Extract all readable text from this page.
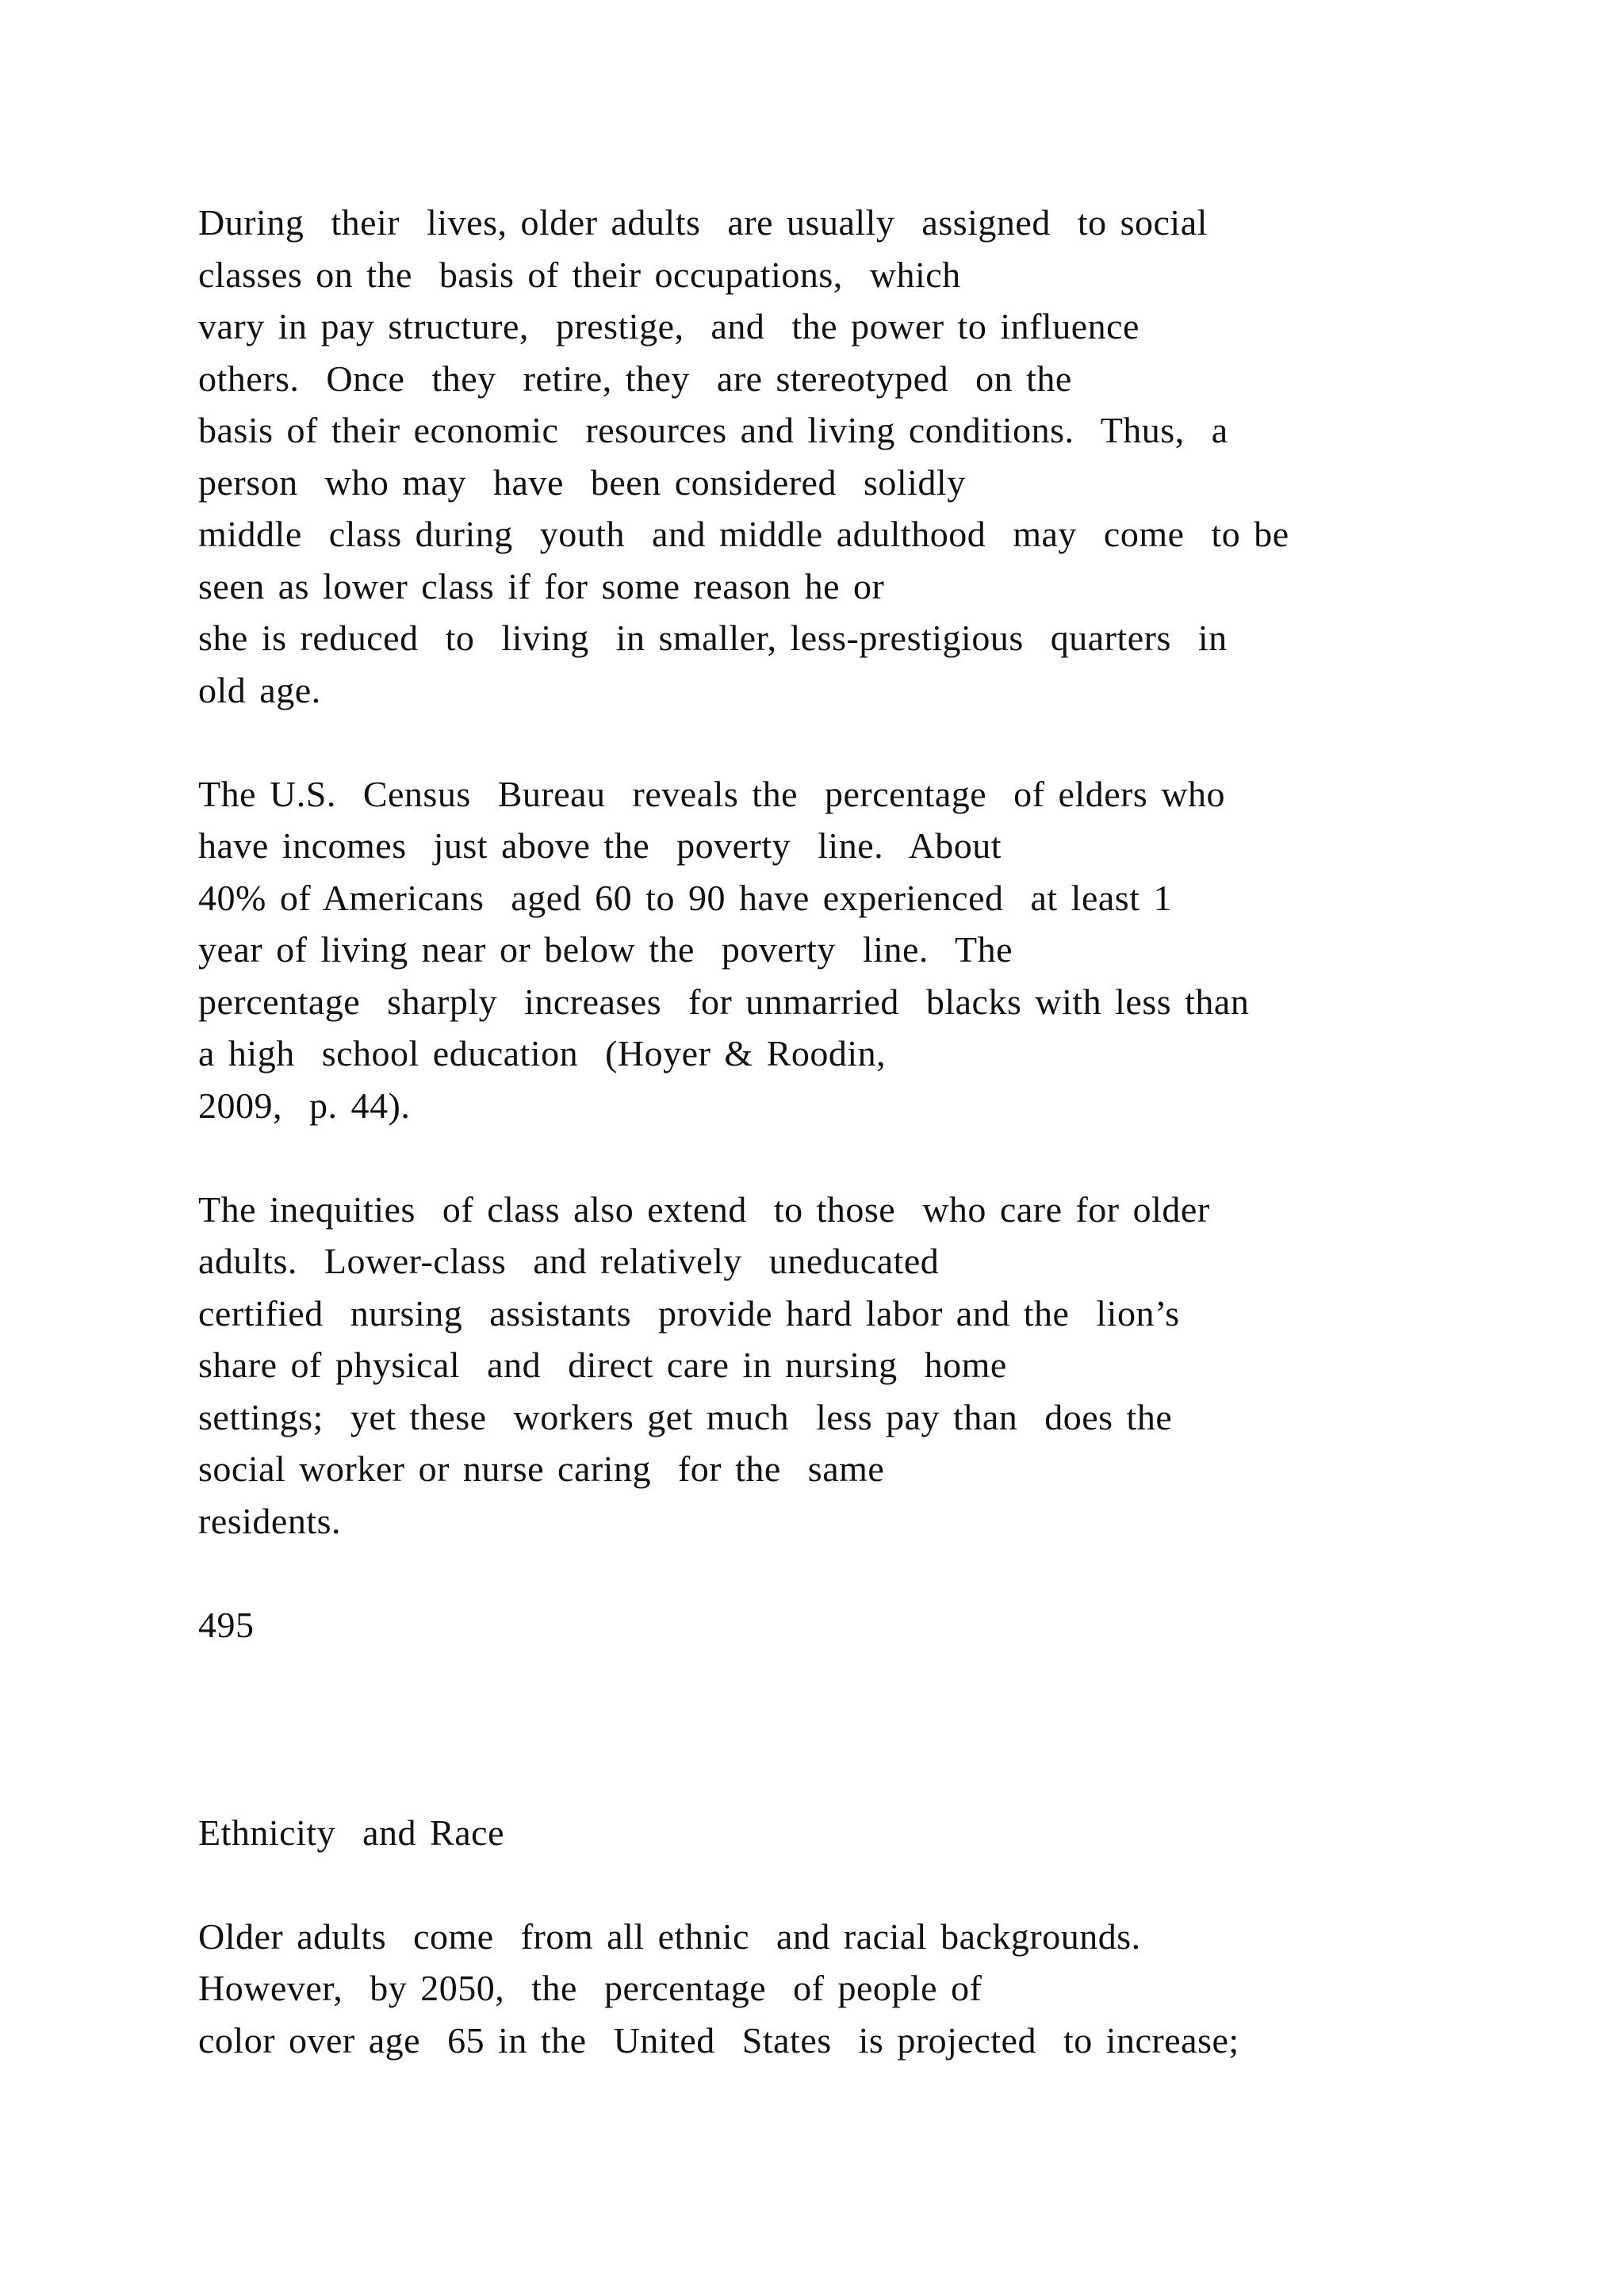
During  their  lives, older adults  are usually  assigned  to social

classes on the  basis of their occupations,  which

vary in pay structure,  prestige,  and  the power to influence

others.  Once  they  retire, they  are stereotyped  on the

basis of their economic  resources and living conditions.  Thus,  a

person  who may  have  been considered  solidly

middle  class during  youth  and middle adulthood  may  come  to be

seen as lower class if for some reason he or

she is reduced  to  living  in smaller, less-prestigious  quarters  in

old age.

The U.S.  Census  Bureau  reveals the  percentage  of elders who

have incomes  just above the  poverty  line.  About

40% of Americans  aged 60 to 90 have experienced  at least 1

year of living near or below the  poverty  line.  The

percentage  sharply  increases  for unmarried  blacks with less than

a high  school education  (Hoyer & Roodin,

2009,  p. 44).

The inequities  of class also extend  to those  who care for older

adults.  Lower-class  and relatively  uneducated

certified  nursing  assistants  provide hard labor and the  lion’s

share of physical  and  direct care in nursing  home

settings;  yet these  workers get much  less pay than  does the

social worker or nurse caring  for the  same

residents.

495

Ethnicity  and Race

Older adults  come  from all ethnic  and racial backgrounds.

However,  by 2050,  the  percentage  of people of

color over age  65 in the  United  States  is projected  to increase;
